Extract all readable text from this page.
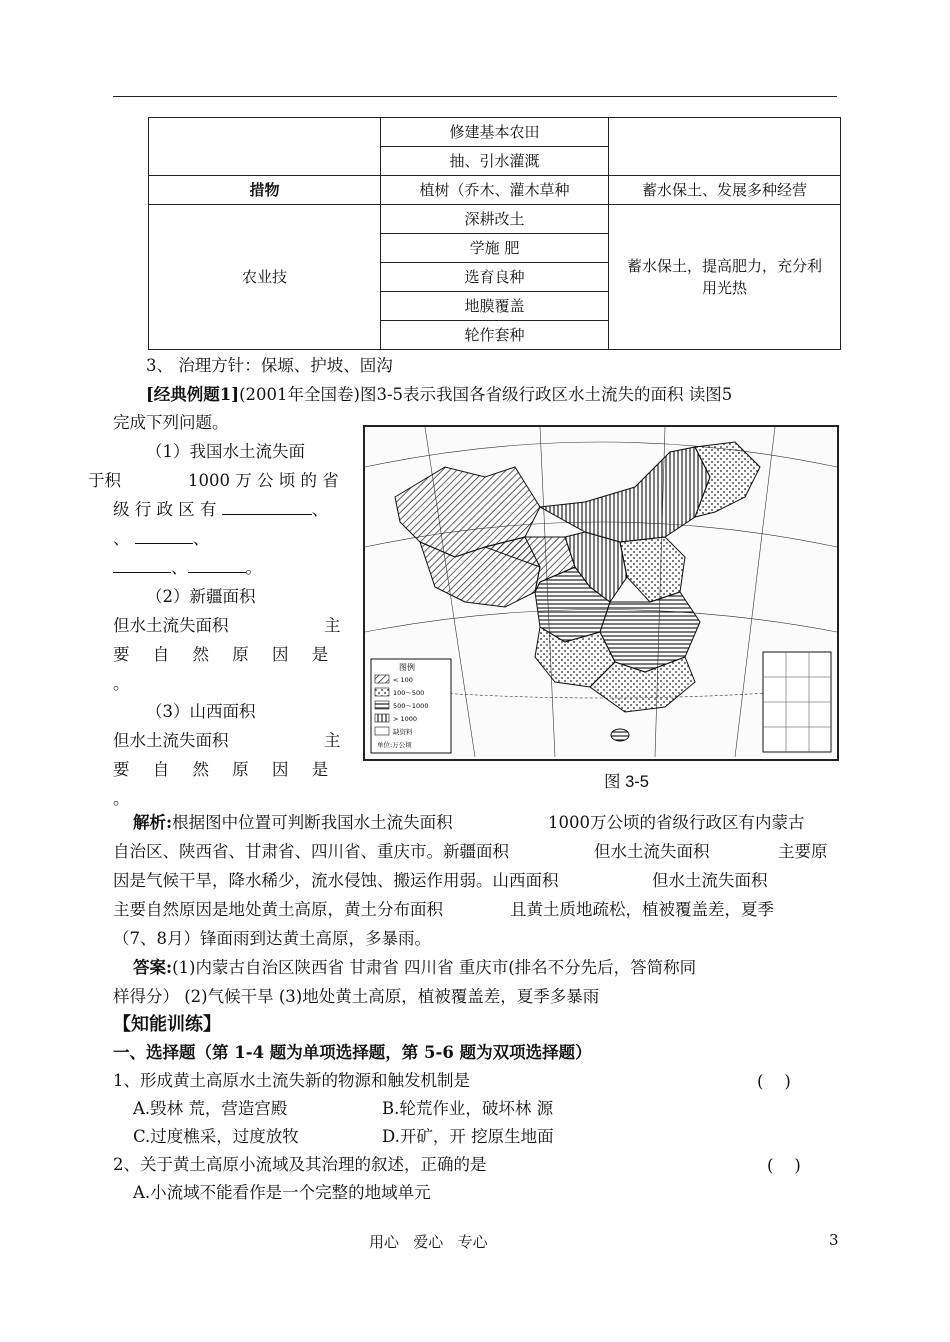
	修建基本农田	
	抽、引水灌溉	
措物	植树（乔木、灌木草种	蓄水保土、发展多种经营
农业技	深耕改土	蓄水保土，提高肥力，充分利
用光热

	学施 肥	
	选育良种	
	地膜覆盖	
	轮作套种	
3、 治理方针：保塬、护坡、固沟
[经典例题1](2001年全国卷)图3-5表示我国各省级行政区水土流失的面积 读图5
完成下列问题。
（1）我国水土流失面
于积	1000 万 公 顷 的 省
级 行 政 区 有	、
、	、
、	。
（2）新疆面积
但水土流失面积	主
要 自 然 原 因 是
。
（3）山西面积
但水土流失面积	主
要 自 然 原 因 是
。
图例
< 100
100～500
500～1000
> 1000
缺资料
单位:万公顷
图 3-5
解析:根据图中位置可判断我国水土流失面积	1000万公顷的省级行政区有内蒙古
自治区、陕西省、甘肃省、四川省、重庆市。新疆面积	但水土流失面积	主要原
因是气候干旱，降水稀少，流水侵蚀、搬运作用弱。山西面积	但水土流失面积
主要自然原因是地处黄土高原，黄土分布面积	且黄土质地疏松，植被覆盖差，夏季
（7、8月）锋面雨到达黄土高原，多暴雨。
答案:(1)内蒙古自治区陕西省 甘肃省 四川省 重庆市(排名不分先后，答简称同
样得分） (2)气候干旱 (3)地处黄土高原，植被覆盖差，夏季多暴雨
【知能训练】
一、选择题（第 1-4 题为单项选择题，第 5-6 题为双项选择题）
1、形成黄土高原水土流失新的物源和触发机制是	(    )
A.毁林 荒，营造宫殿	B.轮荒作业，破坏林 源
C.过度樵采，过度放牧	D.开矿，开 挖原生地面
2、关于黄土高原小流域及其治理的叙述，正确的是	(    )
A.小流域不能看作是一个完整的地域单元
用心   爱心   专心	3
